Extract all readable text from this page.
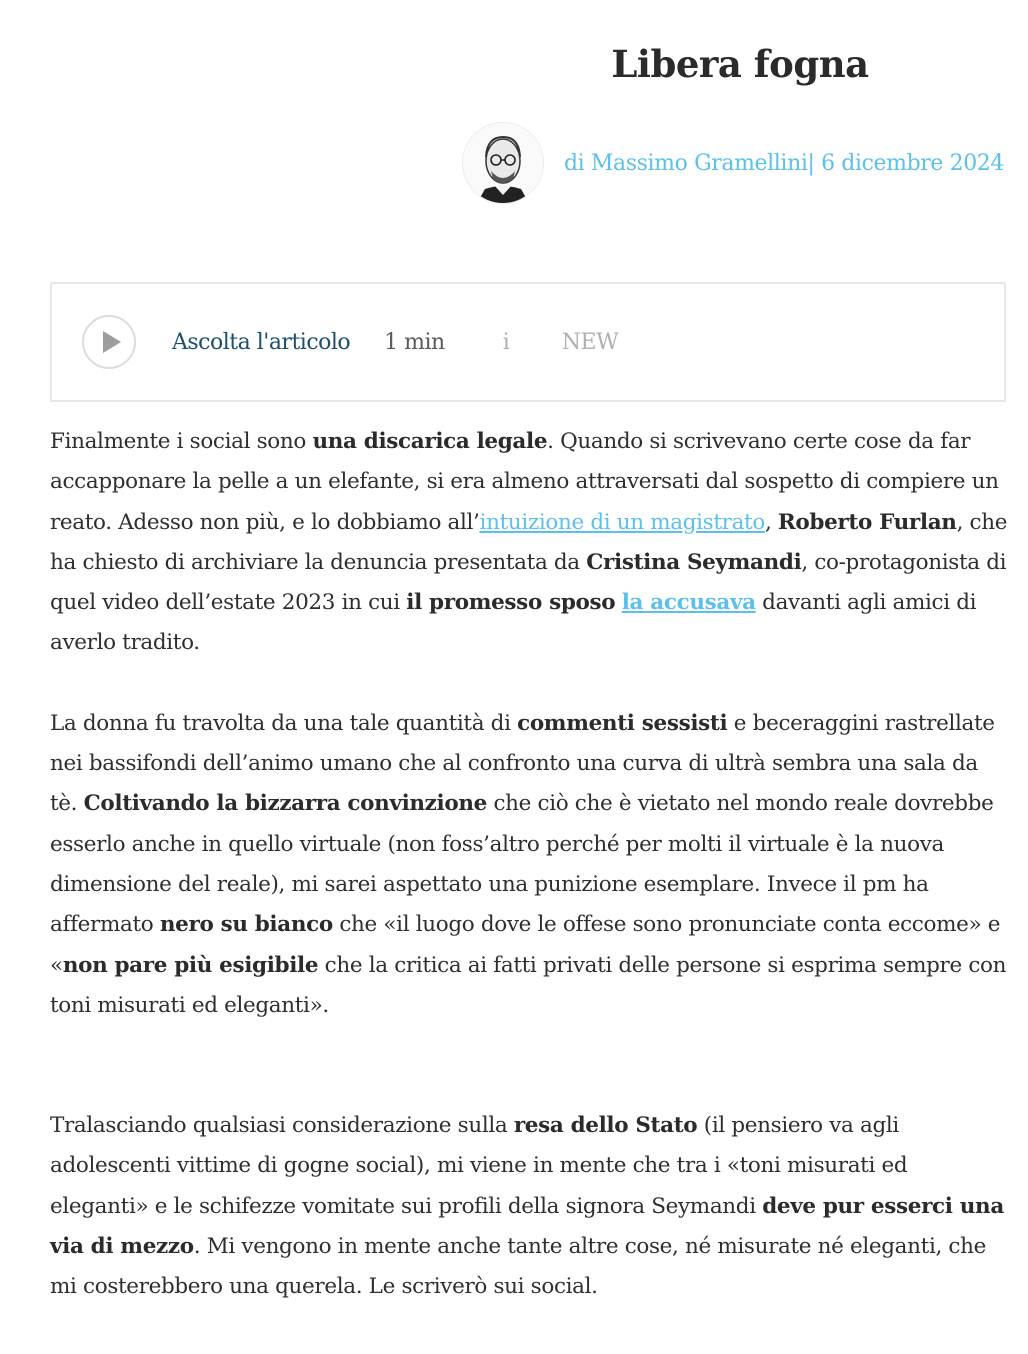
Libera fogna
di Massimo Gramellini| 6 dicembre 2024
Ascolta l'articolo 1 min	i NEW

Finalmente i social sono una discarica legale. Quando si scrivevano certe cose da far accapponare la pelle a un elefante, si era almeno attraversati dal sospetto di compiere un reato. Adesso non più, e lo dobbiamo all’intuizione di un magistrato, Roberto Furlan, che ha chiesto di archiviare la denuncia presentata da Cristina Seymandi, co-protagonista di quel video dell’estate 2023 in cui il promesso sposo la accusava davanti agli amici di averlo tradito.

La donna fu travolta da una tale quantità di commenti sessisti e beceraggini rastrellate nei bassifondi dell’animo umano che al confronto una curva di ultrà sembra una sala da tè. Coltivando la bizzarra convinzione che ciò che è vietato nel mondo reale dovrebbe esserlo anche in quello virtuale (non foss’altro perché per molti il virtuale è la nuova dimensione del reale), mi sarei aspettato una punizione esemplare. Invece il pm ha affermato nero su bianco che «il luogo dove le offese sono pronunciate conta eccome» e «non pare più esigibile che la critica ai fatti privati delle persone si esprima sempre con toni misurati ed eleganti».

Tralasciando qualsiasi considerazione sulla resa dello Stato (il pensiero va agli adolescenti vittime di gogne social), mi viene in mente che tra i «toni misurati ed eleganti» e le schifezze vomitate sui profili della signora Seymandi deve pur esserci una via di mezzo. Mi vengono in mente anche tante altre cose, né misurate né eleganti, che mi costerebbero una querela. Le scriverò sui social.
